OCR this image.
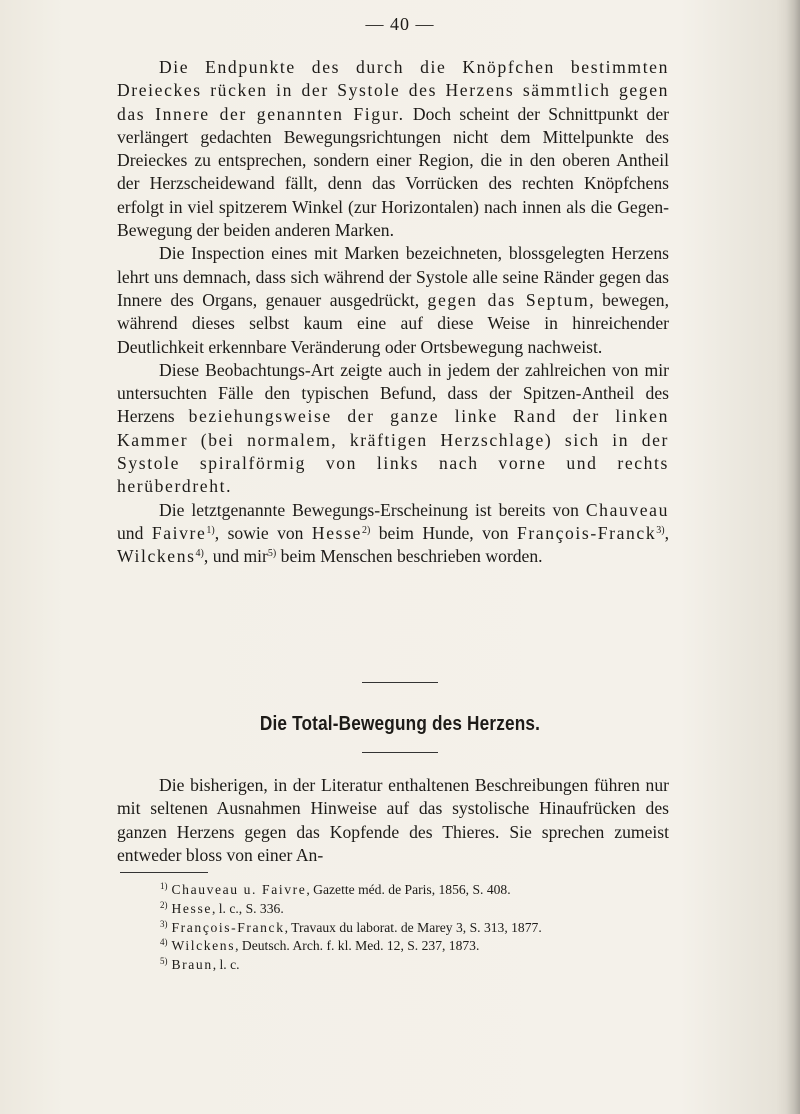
— 40 —

Die Endpunkte des durch die Knöpfchen bestimmten Dreieckes rücken in der Systole des Herzens sämmtlich gegen das Innere der genannten Figur. Doch scheint der Schnittpunkt der verlängert gedachten Bewegungsrichtungen nicht dem Mittelpunkte des Dreieckes zu entsprechen, sondern einer Region, die in den oberen Antheil der Herzscheidewand fällt, denn das Vorrücken des rechten Knöpfchens erfolgt in viel spitzerem Winkel (zur Horizontalen) nach innen als die Gegen-Bewegung der beiden anderen Marken.

Die Inspection eines mit Marken bezeichneten, blossgelegten Herzens lehrt uns demnach, dass sich während der Systole alle seine Ränder gegen das Innere des Organs, genauer ausgedrückt, gegen das Septum, bewegen, während dieses selbst kaum eine auf diese Weise in hinreichender Deutlichkeit erkennbare Veränderung oder Ortsbewegung nachweist.

Diese Beobachtungs-Art zeigte auch in jedem der zahlreichen von mir untersuchten Fälle den typischen Befund, dass der Spitzen-Antheil des Herzens beziehungsweise der ganze linke Rand der linken Kammer (bei normalem, kräftigen Herzschlage) sich in der Systole spiralförmig von links nach vorne und rechts herüberdreht.

Die letztgenannte Bewegungs-Erscheinung ist bereits von Chauveau und Faivre$^{1)}$, sowie von Hesse$^{2)}$ beim Hunde, von François-Franck$^{3)}$, Wilckens$^{4)}$, und mir$^{5)}$ beim Menschen beschrieben worden.

Die Total-Bewegung des Herzens.

Die bisherigen, in der Literatur enthaltenen Beschreibungen führen nur mit seltenen Ausnahmen Hinweise auf das systolische Hinaufrücken des ganzen Herzens gegen das Kopfende des Thieres. Sie sprechen zumeist entweder bloss von einer An-

$^{1)}$ Chauveau u. Faivre, Gazette méd. de Paris, 1856, S. 408.
$^{2)}$ Hesse, l. c., S. 336.
$^{3)}$ François-Franck, Travaux du laborat. de Marey 3, S. 313, 1877.
$^{4)}$ Wilckens, Deutsch. Arch. f. kl. Med. 12, S. 237, 1873.
$^{5)}$ Braun, l. c.
